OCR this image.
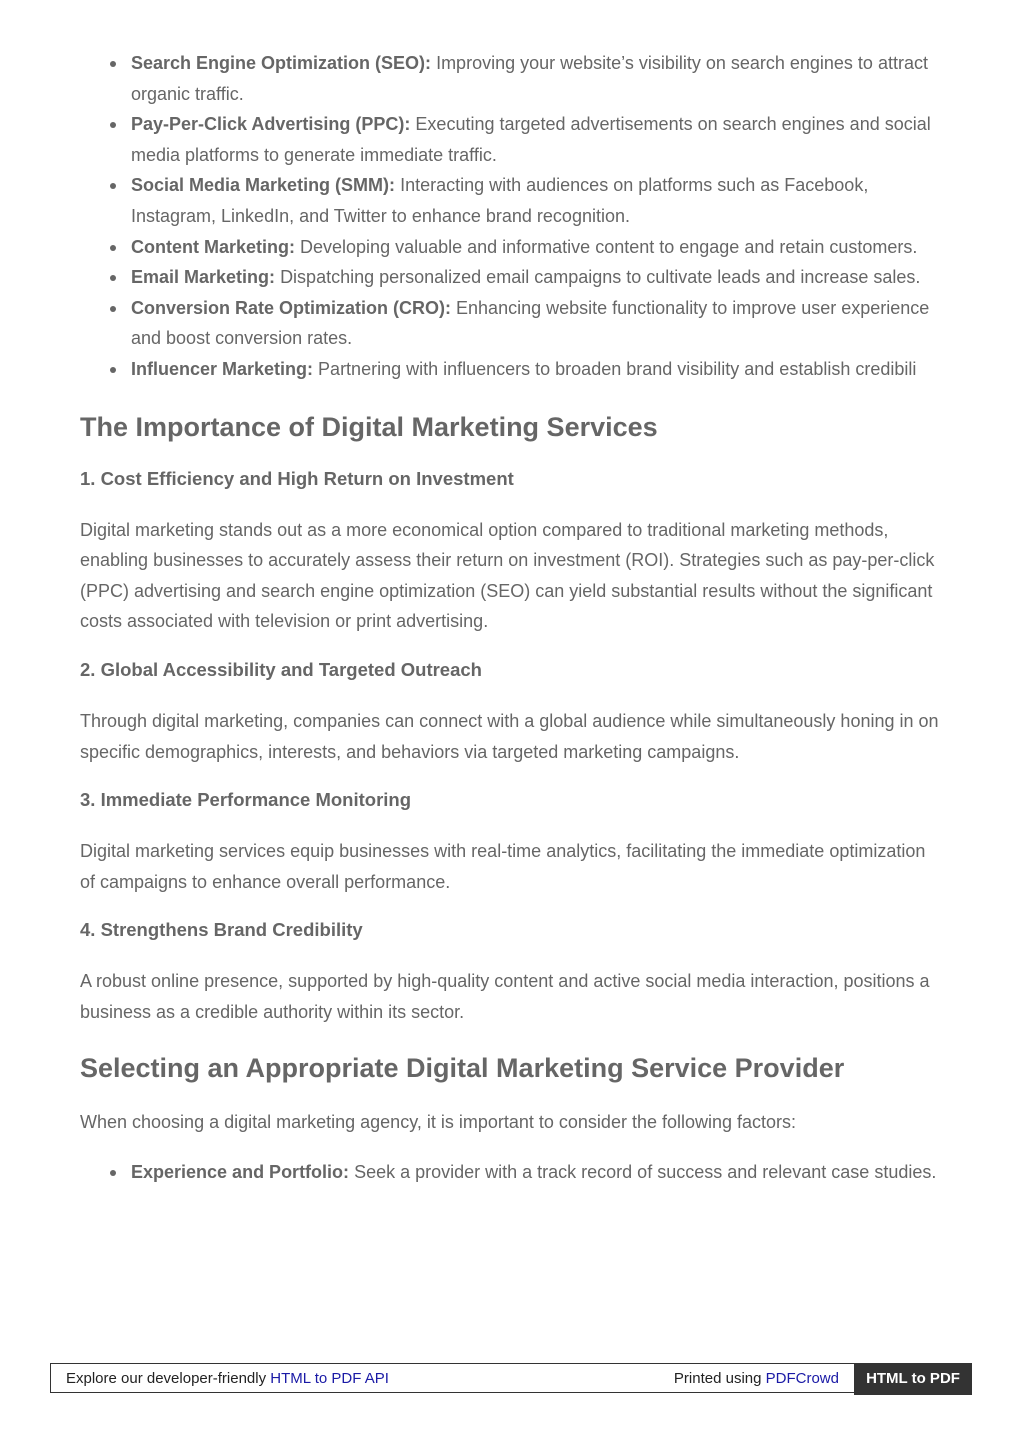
Search Engine Optimization (SEO): Improving your website’s visibility on search engines to attract organic traffic.
Pay-Per-Click Advertising (PPC): Executing targeted advertisements on search engines and social media platforms to generate immediate traffic.
Social Media Marketing (SMM): Interacting with audiences on platforms such as Facebook, Instagram, LinkedIn, and Twitter to enhance brand recognition.
Content Marketing: Developing valuable and informative content to engage and retain customers.
Email Marketing: Dispatching personalized email campaigns to cultivate leads and increase sales.
Conversion Rate Optimization (CRO): Enhancing website functionality to improve user experience and boost conversion rates.
Influencer Marketing: Partnering with influencers to broaden brand visibility and establish credibili
The Importance of Digital Marketing Services
1. Cost Efficiency and High Return on Investment

Digital marketing stands out as a more economical option compared to traditional marketing methods, enabling businesses to accurately assess their return on investment (ROI). Strategies such as pay-per-click (PPC) advertising and search engine optimization (SEO) can yield substantial results without the significant costs associated with television or print advertising.

2. Global Accessibility and Targeted Outreach

Through digital marketing, companies can connect with a global audience while simultaneously honing in on specific demographics, interests, and behaviors via targeted marketing campaigns.

3. Immediate Performance Monitoring

Digital marketing services equip businesses with real-time analytics, facilitating the immediate optimization of campaigns to enhance overall performance.

4. Strengthens Brand Credibility

A robust online presence, supported by high-quality content and active social media interaction, positions a business as a credible authority within its sector.

Selecting an Appropriate Digital Marketing Service Provider

When choosing a digital marketing agency, it is important to consider the following factors:

Experience and Portfolio: Seek a provider with a track record of success and relevant case studies.
Explore our developer-friendly HTML to PDF API	Printed using PDFCrowd	HTML to PDF
